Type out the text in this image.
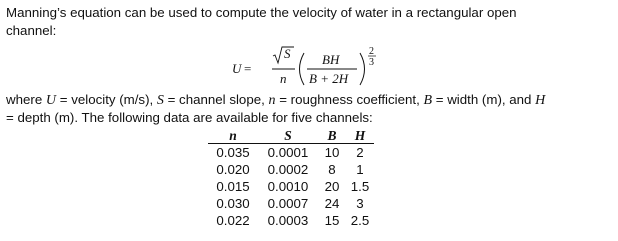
Manning’s equation can be used to compute the velocity of water in a rectangular open
channel:
U =
S
n
BH
B + 2H
2
3
where U = velocity (m/s), S = channel slope, n = roughness coefficient, B = width (m), and H
= depth (m). The following data are available for five channels:
n	S	B	H
0.035	0.0001	10	2
0.020	0.0002	8	1
0.015	0.0010	20	1.5
0.030	0.0007	24	3
0.022	0.0003	15	2.5
